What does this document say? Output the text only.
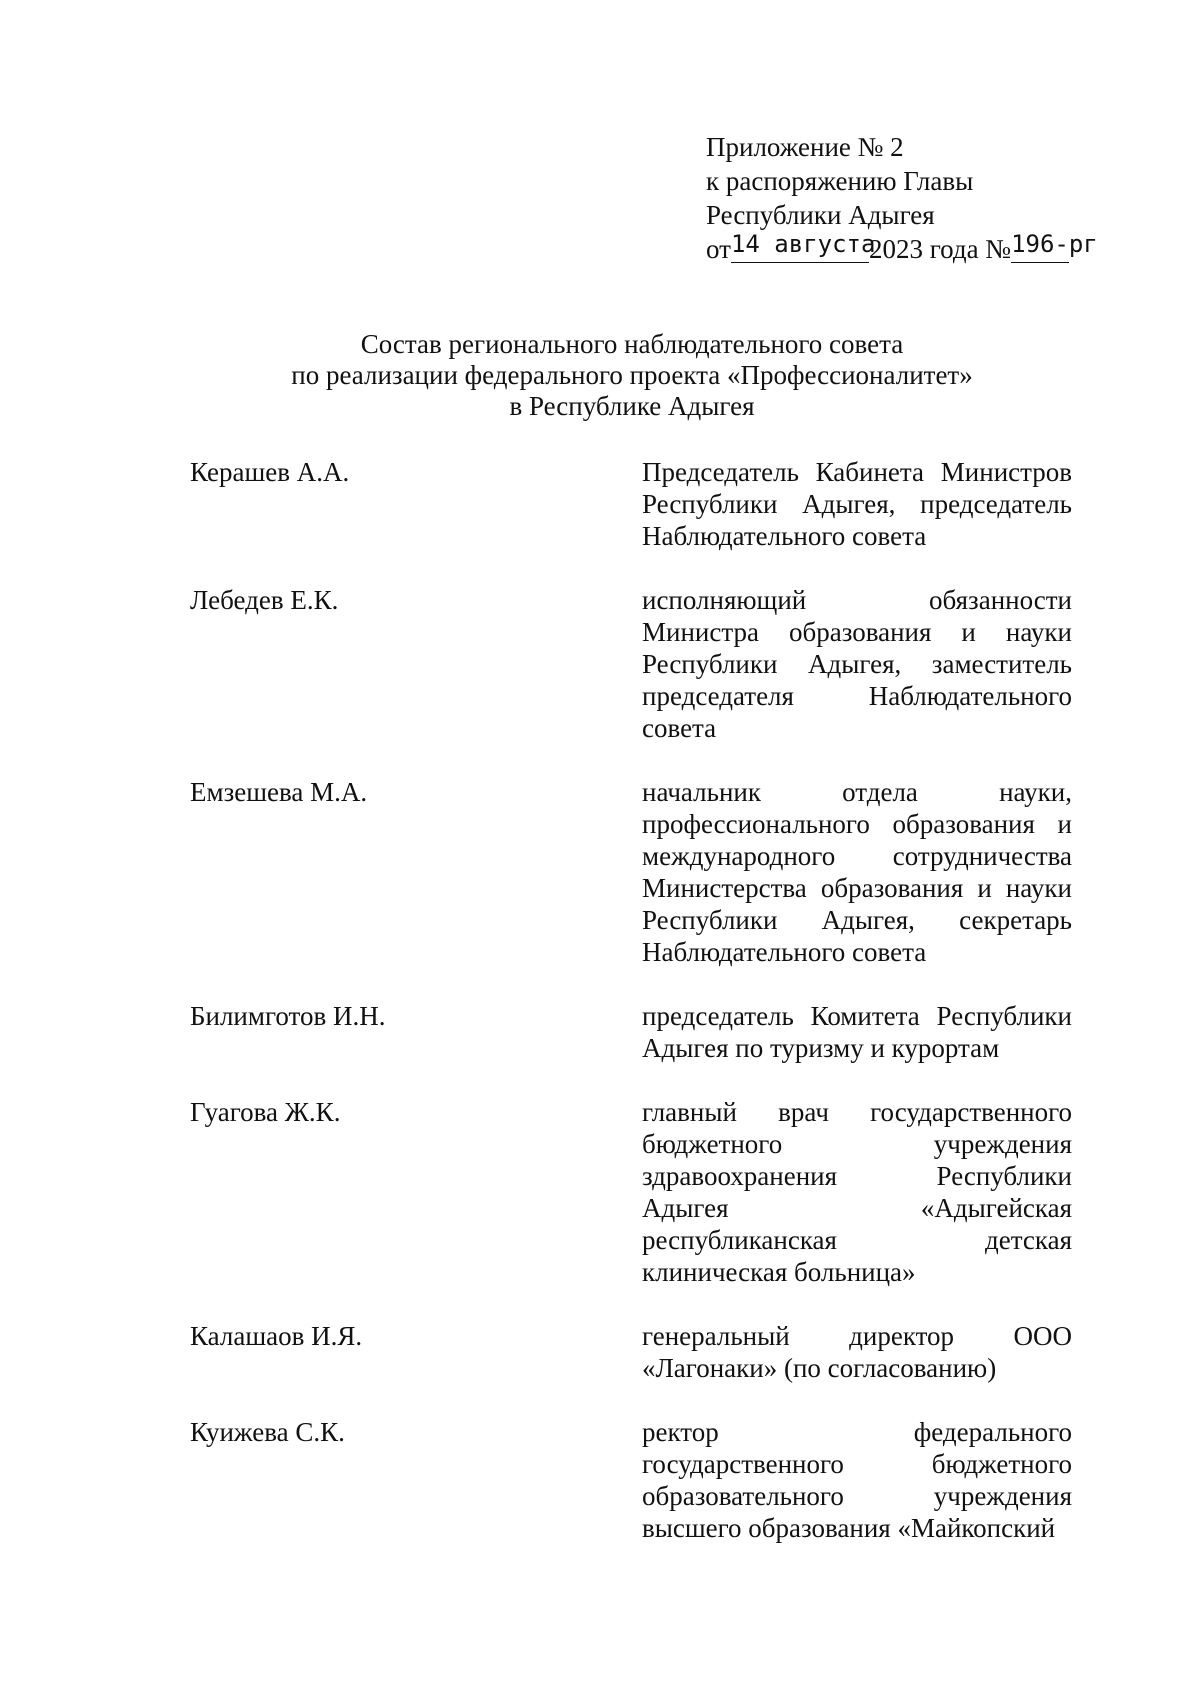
Приложение № 2
к распоряжению Главы
Республики Адыгея
от14 августа2023 года №196-рг
Состав регионального наблюдательного совета
по реализации федерального проекта «Профессионалитет»
в Республике Адыгея
Керашев А.А.	Председатель Кабинета Министров
Республики Адыгея, председатель
Наблюдательного совета
Лебедев Е.К.	исполняющий обязанности
Министра образования и науки
Республики Адыгея, заместитель
председателя Наблюдательного
совета
Емзешева М.А.	начальник отдела науки,
профессионального образования и
международного сотрудничества
Министерства образования и науки
Республики Адыгея, секретарь
Наблюдательного совета
Билимготов И.Н.	председатель Комитета Республики
Адыгея по туризму и курортам
Гуагова Ж.К.	главный врач государственного
бюджетного учреждения
здравоохранения Республики
Адыгея «Адыгейская
республиканская детская
клиническая больница»
Калашаов И.Я.	генеральный директор ООО
«Лагонаки» (по согласованию)
Куижева С.К.	ректор федерального
государственного бюджетного
образовательного учреждения
высшего образования «Майкопский
